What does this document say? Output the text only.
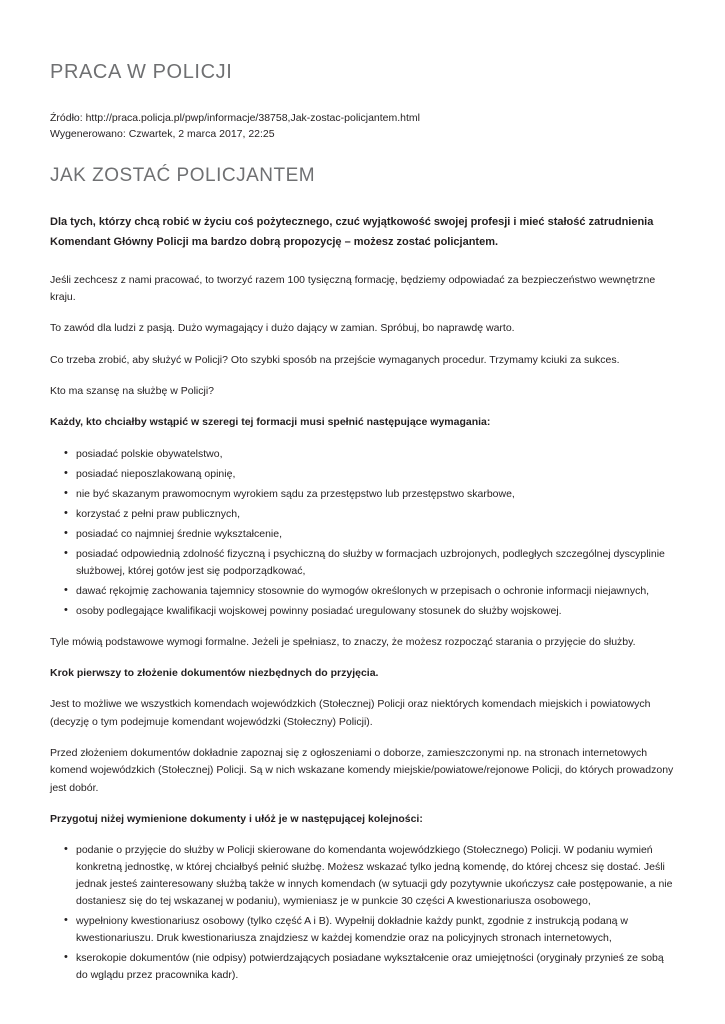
PRACA W POLICJI
Źródło: http://praca.policja.pl/pwp/informacje/38758,Jak-zostac-policjantem.html
Wygenerowano: Czwartek, 2 marca 2017, 22:25
JAK ZOSTAĆ POLICJANTEM

Dla tych, którzy chcą robić w życiu coś pożytecznego, czuć wyjątkowość swojej profesji i mieć stałość zatrudnienia Komendant Główny Policji ma bardzo dobrą propozycję – możesz zostać policjantem.

Jeśli zechcesz z nami pracować, to tworzyć razem 100 tysięczną formację, będziemy odpowiadać za bezpieczeństwo wewnętrzne kraju.

To zawód dla ludzi z pasją. Dużo wymagający i dużo dający w zamian. Spróbuj, bo naprawdę warto.

Co trzeba zrobić, aby służyć w Policji? Oto szybki sposób na przejście wymaganych procedur. Trzymamy kciuki za sukces.

Kto ma szansę na służbę w Policji?

Każdy, kto chciałby wstąpić w szeregi tej formacji musi spełnić następujące wymagania:

• posiadać polskie obywatelstwo,
• posiadać nieposzlakowaną opinię,
• nie być skazanym prawomocnym wyrokiem sądu za przestępstwo lub przestępstwo skarbowe,
• korzystać z pełni praw publicznych,
• posiadać co najmniej średnie wykształcenie,
• posiadać odpowiednią zdolność fizyczną i psychiczną do służby w formacjach uzbrojonych, podległych szczególnej dyscyplinie służbowej, której gotów jest się podporządkować,
• dawać rękojmię zachowania tajemnicy stosownie do wymogów określonych w przepisach o ochronie informacji niejawnych,
• osoby podlegające kwalifikacji wojskowej powinny posiadać uregulowany stosunek do służby wojskowej.

Tyle mówią podstawowe wymogi formalne. Jeżeli je spełniasz, to znaczy, że możesz rozpocząć starania o przyjęcie do służby.

Krok pierwszy to złożenie dokumentów niezbędnych do przyjęcia.

Jest to możliwe we wszystkich komendach wojewódzkich (Stołecznej) Policji oraz niektórych komendach miejskich i powiatowych (decyzję o tym podejmuje komendant wojewódzki (Stołeczny) Policji).

Przed złożeniem dokumentów dokładnie zapoznaj się z ogłoszeniami o doborze, zamieszczonymi np. na stronach internetowych komend wojewódzkich (Stołecznej) Policji. Są w nich wskazane komendy miejskie/powiatowe/rejonowe Policji, do których prowadzony jest dobór.

Przygotuj niżej wymienione dokumenty i ułóż je w następującej kolejności:

• podanie o przyjęcie do służby w Policji skierowane do komendanta wojewódzkiego (Stołecznego) Policji. W podaniu wymień konkretną jednostkę, w której chciałbyś pełnić służbę. Możesz wskazać tylko jedną komendę, do której chcesz się dostać. Jeśli jednak jesteś zainteresowany służbą także w innych komendach (w sytuacji gdy pozytywnie ukończysz całe postępowanie, a nie dostaniesz się do tej wskazanej w podaniu), wymieniasz je w punkcie 30 części A kwestionariusza osobowego,
• wypełniony kwestionariusz osobowy (tylko część A i B). Wypełnij dokładnie każdy punkt, zgodnie z instrukcją podaną w kwestionariuszu. Druk kwestionariusza znajdziesz w każdej komendzie oraz na policyjnych stronach internetowych,
• kserokopie dokumentów (nie odpisy) potwierdzających posiadane wykształcenie oraz umiejętności (oryginały przynieś ze sobą do wglądu przez pracownika kadr).
